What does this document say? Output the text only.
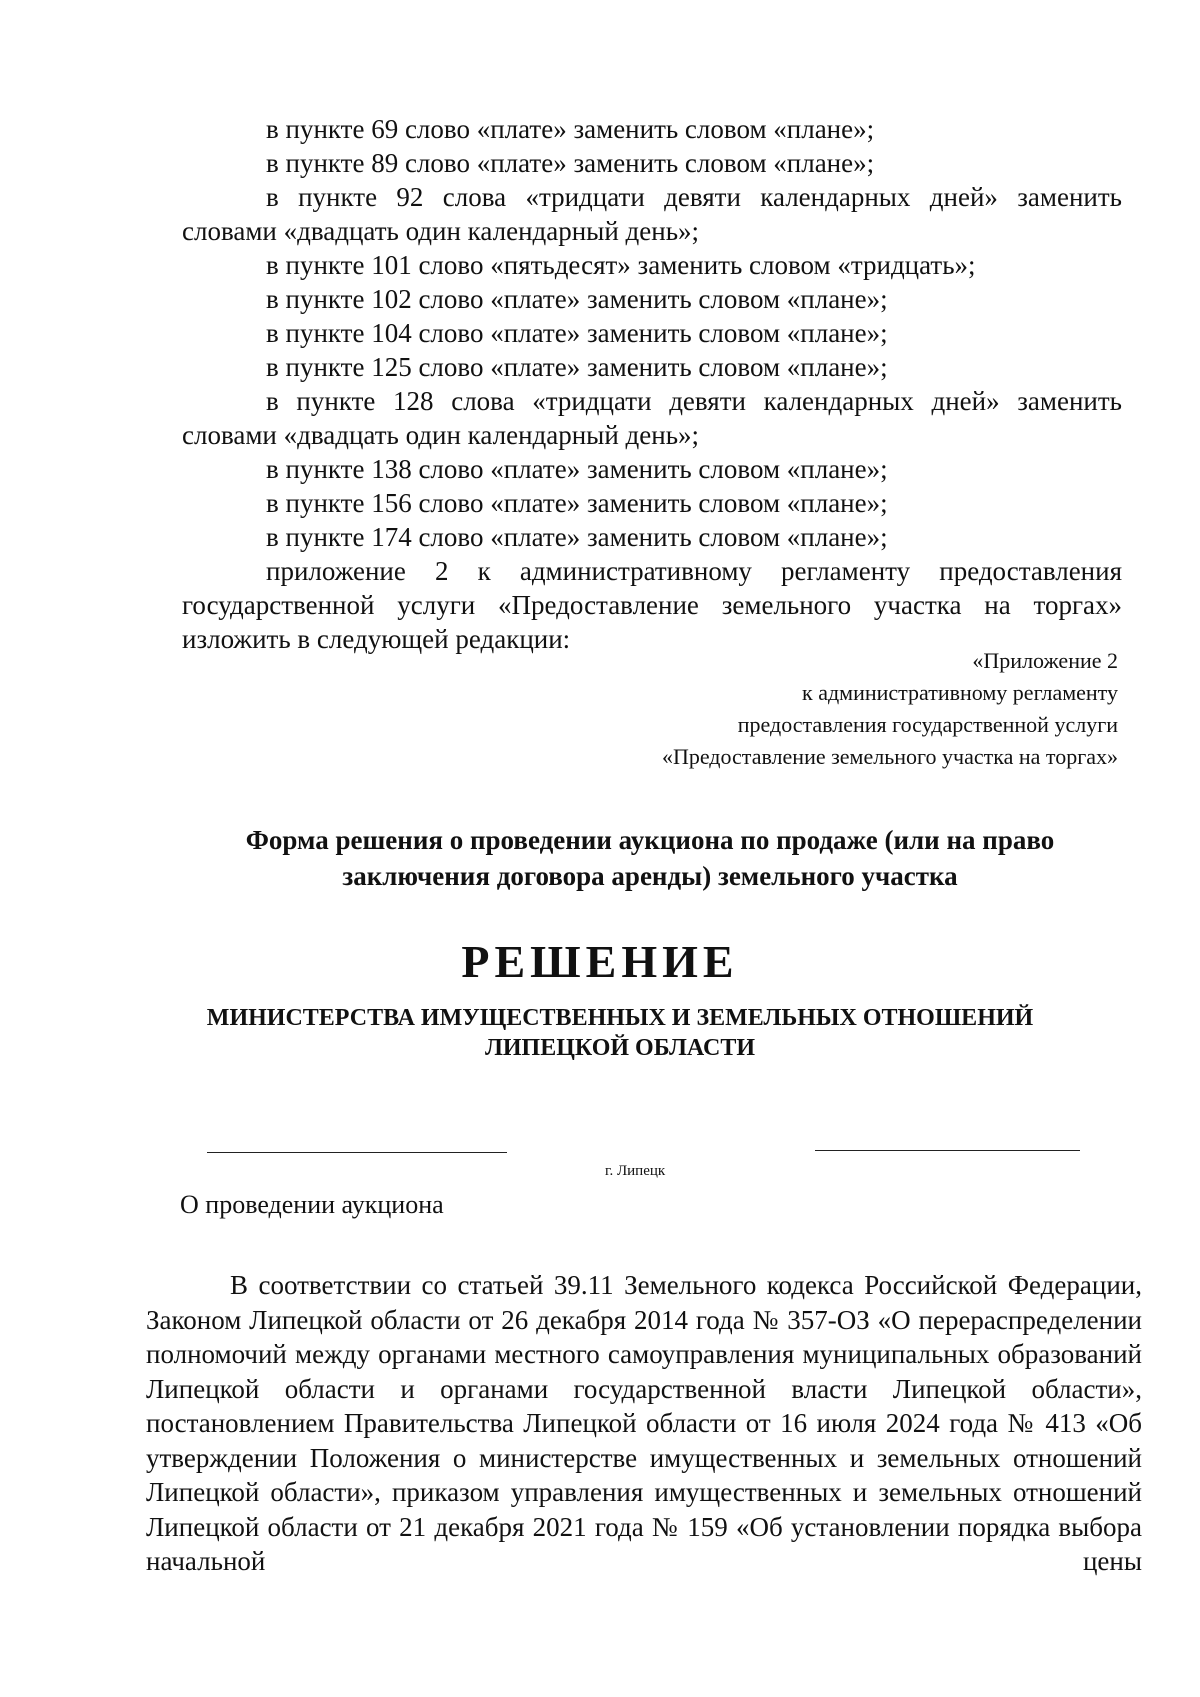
в пункте 69 слово «плате» заменить словом «плане»;

в пункте 89 слово «плате» заменить словом «плане»;

в пункте 92 слова «тридцати девяти календарных дней» заменить словами «двадцать один календарный день»;

в пункте 101 слово «пятьдесят» заменить словом «тридцать»;

в пункте 102 слово «плате» заменить словом «плане»;

в пункте 104 слово «плате» заменить словом «плане»;

в пункте 125 слово «плате» заменить словом «плане»;

в пункте 128 слова «тридцати девяти календарных дней» заменить словами «двадцать один календарный день»;

в пункте 138 слово «плате» заменить словом «плане»;

в пункте 156 слово «плате» заменить словом «плане»;

в пункте 174 слово «плате» заменить словом «плане»;

приложение 2 к административному регламенту предоставления государственной услуги «Предоставление земельного участка на торгах» изложить в следующей редакции:

«Приложение 2
к административному регламенту
предоставления государственной услуги
«Предоставление земельного участка на торгах»
Форма решения о проведении аукциона по продаже (или на право
заключения договора аренды) земельного участка
РЕШЕНИЕ
МИНИСТЕРСТВА ИМУЩЕСТВЕННЫХ И ЗЕМЕЛЬНЫХ ОТНОШЕНИЙ
ЛИПЕЦКОЙ ОБЛАСТИ
г. Липецк
О проведении аукциона

В соответствии со статьей 39.11 Земельного кодекса Российской Федерации, Законом Липецкой области от 26 декабря 2014 года № 357-ОЗ «О перераспределении полномочий между органами местного самоуправления муниципальных образований Липецкой области и органами государственной власти Липецкой области», постановлением Правительства Липецкой области от 16 июля 2024 года № 413 «Об утверждении Положения о министерстве имущественных и земельных отношений Липецкой области», приказом управления имущественных и земельных отношений Липецкой области от 21 декабря 2021 года № 159 «Об установлении порядка выбора начальной цены
